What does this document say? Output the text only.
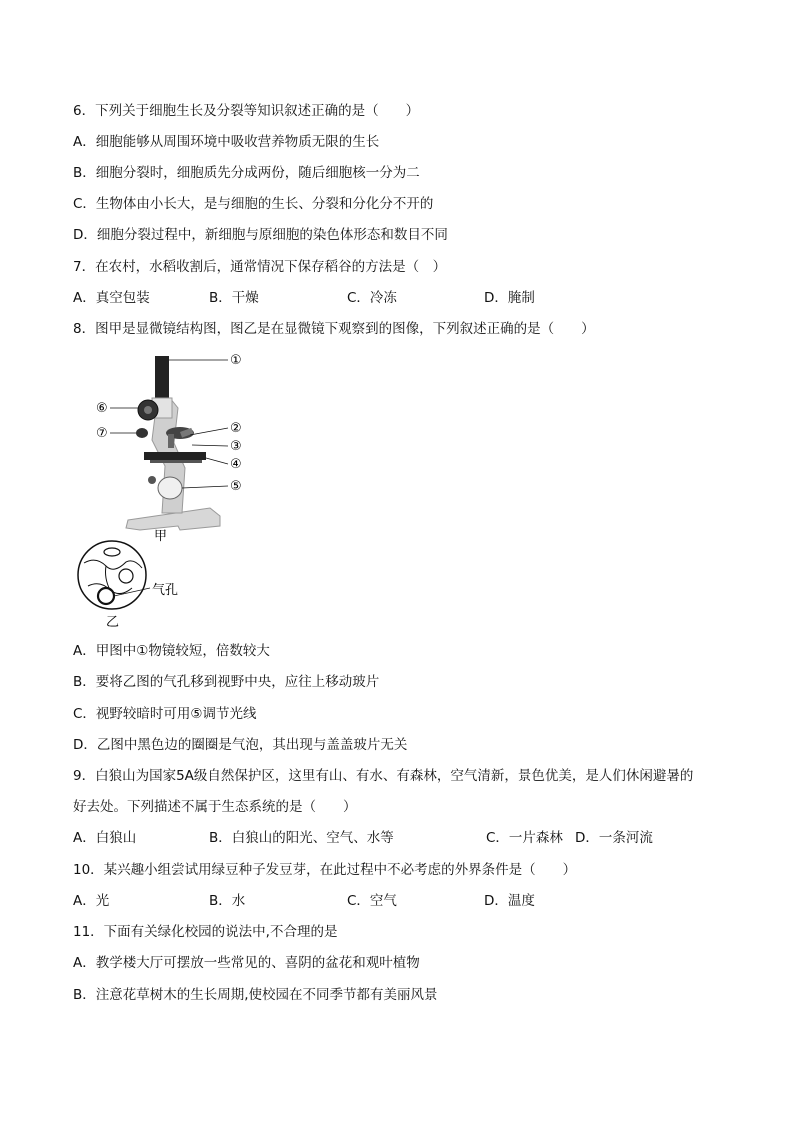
6．下列关于细胞生长及分裂等知识叙述正确的是（　　）
A．细胞能够从周围环境中吸收营养物质无限的生长
B．细胞分裂时，细胞质先分成两份，随后细胞核一分为二
C．生物体由小长大，是与细胞的生长、分裂和分化分不开的
D．细胞分裂过程中，新细胞与原细胞的染色体形态和数目不同
7．在农村，水稻收割后，通常情况下保存稻谷的方法是（　）
A．真空包装	B．干燥	C．冷冻	D．腌制
8．图甲是显微镜结构图，图乙是在显微镜下观察到的图像，下列叙述正确的是（　　）
①
②
③
④
⑤
⑥
⑦
甲
气孔
乙
A．甲图中①物镜较短，倍数较大
B．要将乙图的气孔移到视野中央，应往上移动玻片
C．视野较暗时可用⑤调节光线
D．乙图中黑色边的圈圈是气泡，其出现与盖盖玻片无关
9．白狼山为国家5A级自然保护区，这里有山、有水、有森林，空气清新，景色优美，是人们休闲避暑的
好去处。下列描述不属于生态系统的是（　　）
A．白狼山	B．白狼山的阳光、空气、水等	C．一片森林 D．一条河流
10．某兴趣小组尝试用绿豆种子发豆芽，在此过程中不必考虑的外界条件是（　　）
A．光	B．水	C．空气	D．温度
11．下面有关绿化校园的说法中,不合理的是
A．教学楼大厅可摆放一些常见的、喜阴的盆花和观叶植物
B．注意花草树木的生长周期,使校园在不同季节都有美丽风景
